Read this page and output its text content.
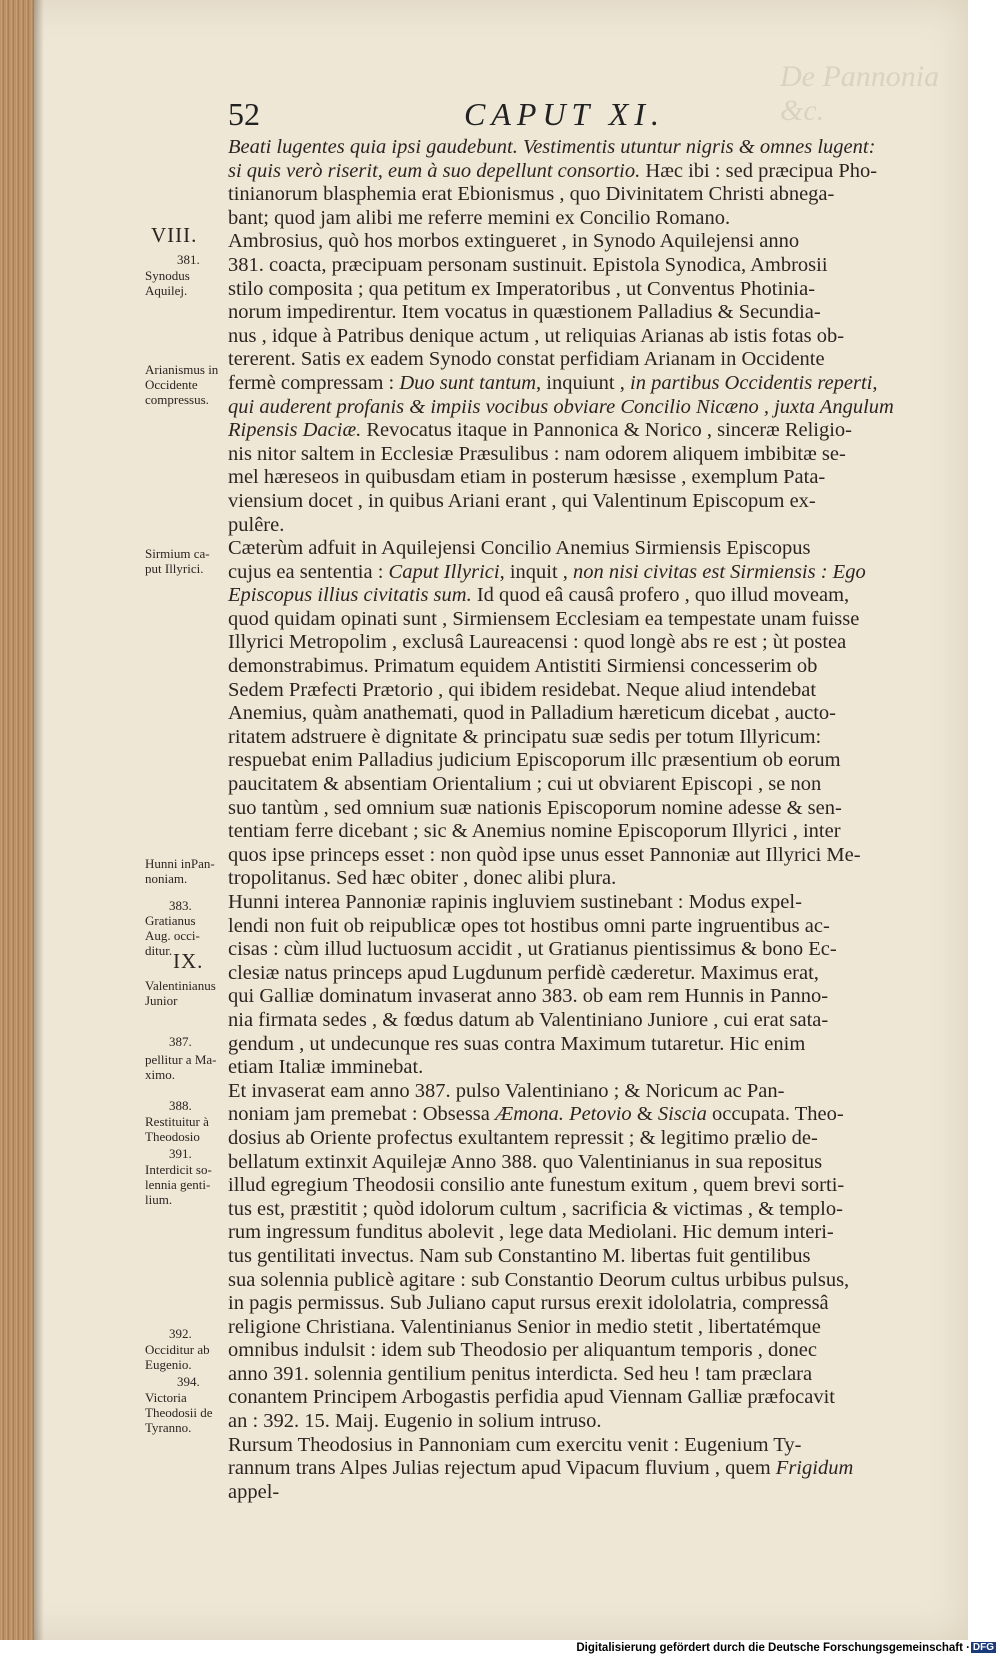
De Pannonia &c.
52	CAPUT XI.
VIII.
381.
Synodus
Aquilej.
Arianismus in
Occidente
compressus.
Sirmium ca-
put Illyrici.
Hunni inPan-
noniam.
383.
Gratianus
Aug. occi-
ditur. IX.
Valentinianus
Junior
387.
pellitur a Ma-
ximo.
388.
Restituitur à
Theodosio
391.
Interdicit so-
lennia genti-
lium.
392.
Occiditur ab
Eugenio.
394.
Victoria
Theodosii de
Tyranno.
Beati lugentes quia ipsi gaudebunt. Vestimentis utuntur nigris & omnes lugent:
si quis verò riserit, eum à suo depellunt consortio. Hæc ibi : sed præcipua Pho-
tinianorum blasphemia erat Ebionismus , quo Divinitatem Christi abnega-
bant; quod jam alibi me referre memini ex Concilio Romano.
Ambrosius, quò hos morbos extingueret , in Synodo Aquilejensi anno
381. coacta, præcipuam personam sustinuit. Epistola Synodica, Ambrosii
stilo composita ; qua petitum ex Imperatoribus , ut Conventus Photinia-
norum impedirentur. Item vocatus in quæstionem Palladius & Secundia-
nus , idque à Patribus denique actum , ut reliquias Arianas ab istis fotas ob-
tererent. Satis ex eadem Synodo constat perfidiam Arianam in Occidente
fermè compressam : Duo sunt tantum, inquiunt , in partibus Occidentis reperti,
qui auderent profanis & impiis vocibus obviare Concilio Nicæno , juxta Angulum
Ripensis Daciæ. Revocatus itaque in Pannonica & Norico , sinceræ Religio-
nis nitor saltem in Ecclesiæ Præsulibus : nam odorem aliquem imbibitæ se-
mel hæreseos in quibusdam etiam in posterum hæsisse , exemplum Pata-
viensium docet , in quibus Ariani erant , qui Valentinum Episcopum ex-
pulêre.
Cæterùm adfuit in Aquilejensi Concilio Anemius Sirmiensis Episcopus
cujus ea sententia : Caput Illyrici, inquit , non nisi civitas est Sirmiensis : Ego
Episcopus illius civitatis sum. Id quod eâ causâ profero , quo illud moveam,
quod quidam opinati sunt , Sirmiensem Ecclesiam ea tempestate unam fuisse
Illyrici Metropolim , exclusâ Laureacensi : quod longè abs re est ; ùt postea
demonstrabimus. Primatum equidem Antistiti Sirmiensi concesserim ob
Sedem Præfecti Prætorio , qui ibidem residebat. Neque aliud intendebat
Anemius, quàm anathemati, quod in Palladium hæreticum dicebat , aucto-
ritatem adstruere è dignitate & principatu suæ sedis per totum Illyricum:
respuebat enim Palladius judicium Episcoporum illc præsentium ob eorum
paucitatem & absentiam Orientalium ; cui ut obviarent Episcopi , se non
suo tantùm , sed omnium suæ nationis Episcoporum nomine adesse & sen-
tentiam ferre dicebant ; sic & Anemius nomine Episcoporum Illyrici , inter
quos ipse princeps esset : non quòd ipse unus esset Pannoniæ aut Illyrici Me-
tropolitanus. Sed hæc obiter , donec alibi plura.
Hunni interea Pannoniæ rapinis ingluviem sustinebant : Modus expel-
lendi non fuit ob reipublicæ opes tot hostibus omni parte ingruentibus ac-
cisas : cùm illud luctuosum accidit , ut Gratianus pientissimus & bono Ec-
clesiæ natus princeps apud Lugdunum perfidè cæderetur. Maximus erat,
qui Galliæ dominatum invaserat anno 383. ob eam rem Hunnis in Panno-
nia firmata sedes , & fœdus datum ab Valentiniano Juniore , cui erat sata-
gendum , ut undecunque res suas contra Maximum tutaretur. Hic enim
etiam Italiæ imminebat.
Et invaserat eam anno 387. pulso Valentiniano ; & Noricum ac Pan-
noniam jam premebat : Obsessa Æmona. Petovio & Siscia occupata. Theo-
dosius ab Oriente profectus exultantem repressit ; & legitimo prælio de-
bellatum extinxit Aquilejæ Anno 388. quo Valentinianus in sua repositus
illud egregium Theodosii consilio ante funestum exitum , quem brevi sorti-
tus est, præstitit ; quòd idolorum cultum , sacrificia & victimas , & templo-
rum ingressum funditus abolevit , lege data Mediolani. Hic demum interi-
tus gentilitati invectus. Nam sub Constantino M. libertas fuit gentilibus
sua solennia publicè agitare : sub Constantio Deorum cultus urbibus pulsus,
in pagis permissus. Sub Juliano caput rursus erexit idololatria, compressâ
religione Christiana. Valentinianus Senior in medio stetit , libertatémque
omnibus indulsit : idem sub Theodosio per aliquantum temporis , donec
anno 391. solennia gentilium penitus interdicta. Sed heu ! tam præclara
conantem Principem Arbogastis perfidia apud Viennam Galliæ præfocavit
an : 392. 15. Maij. Eugenio in solium intruso.
Rursum Theodosius in Pannoniam cum exercitu venit : Eugenium Ty-
rannum trans Alpes Julias rejectum apud Vipacum fluvium , quem Frigidum
appel-
Digitalisierung gefördert durch die Deutsche Forschungsgemeinschaft · DFG
